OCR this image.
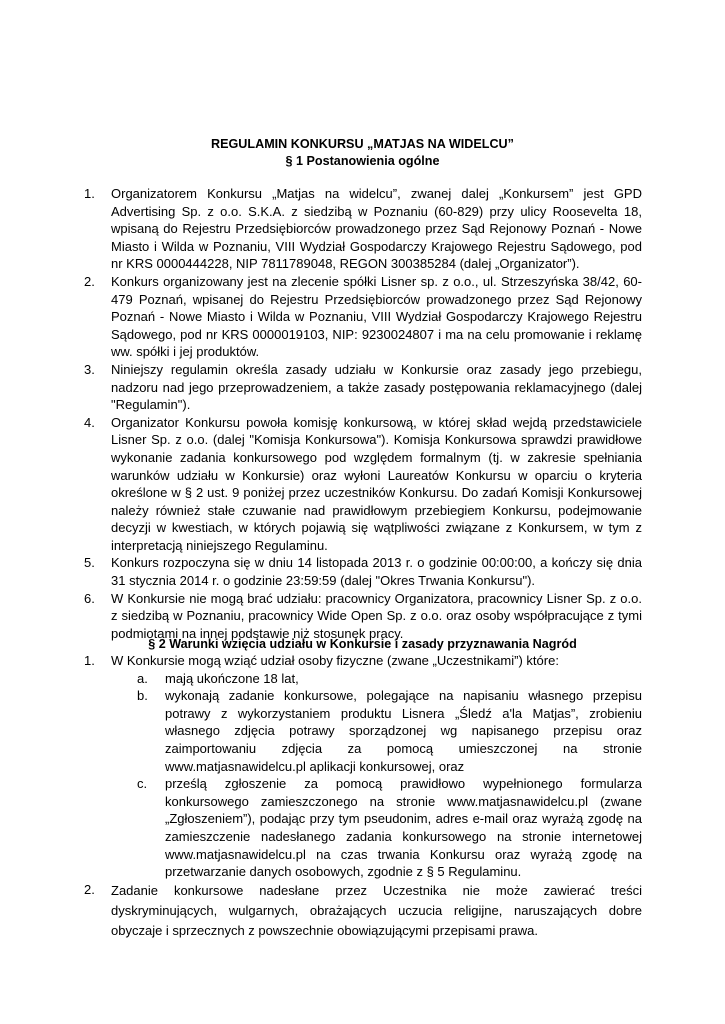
REGULAMIN KONKURSU „MATJAS NA WIDELCU”

§ 1 Postanowienia ogólne

1. Organizatorem Konkursu „Matjas na widelcu”, zwanej dalej „Konkursem” jest GPD Advertising Sp. z o.o. S.K.A. z siedzibą w Poznaniu (60-829) przy ulicy Roosevelta 18, wpisaną do Rejestru Przedsiębiorców prowadzonego przez Sąd Rejonowy Poznań - Nowe Miasto i Wilda w Poznaniu, VIII Wydział Gospodarczy Krajowego Rejestru Sądowego, pod nr KRS 0000444228, NIP 7811789048, REGON 300385284 (dalej „Organizator”).
2. Konkurs organizowany jest na zlecenie spółki Lisner sp. z o.o., ul. Strzeszyńska 38/42, 60-479 Poznań, wpisanej do Rejestru Przedsiębiorców prowadzonego przez Sąd Rejonowy Poznań - Nowe Miasto i Wilda w Poznaniu, VIII Wydział Gospodarczy Krajowego Rejestru Sądowego, pod nr KRS 0000019103, NIP: 9230024807 i ma na celu promowanie i reklamę ww. spółki i jej produktów.
3. Niniejszy regulamin określa zasady udziału w Konkursie oraz zasady jego przebiegu, nadzoru nad jego przeprowadzeniem, a także zasady postępowania reklamacyjnego (dalej "Regulamin").
4. Organizator Konkursu powoła komisję konkursową, w której skład wejdą przedstawiciele Lisner Sp. z o.o. (dalej "Komisja Konkursowa"). Komisja Konkursowa sprawdzi prawidłowe wykonanie zadania konkursowego pod względem formalnym (tj. w zakresie spełniania warunków udziału w Konkursie) oraz wyłoni Laureatów Konkursu w oparciu o kryteria określone w § 2 ust. 9 poniżej przez uczestników Konkursu. Do zadań Komisji Konkursowej należy również stałe czuwanie nad prawidłowym przebiegiem Konkursu, podejmowanie decyzji w kwestiach, w których pojawią się wątpliwości związane z Konkursem, w tym z interpretacją niniejszego Regulaminu.
5. Konkurs rozpoczyna się w dniu 14 listopada 2013 r. o godzinie 00:00:00, a kończy się dnia 31 stycznia 2014 r. o godzinie 23:59:59 (dalej "Okres Trwania Konkursu").
6. W Konkursie nie mogą brać udziału: pracownicy Organizatora, pracownicy Lisner Sp. z o.o. z siedzibą w Poznaniu, pracownicy Wide Open Sp. z o.o. oraz osoby współpracujące z tymi podmiotami na innej podstawie niż stosunek pracy.

§ 2 Warunki wzięcia udziału w Konkursie i zasady przyznawania Nagród

1. W Konkursie mogą wziąć udział osoby fizyczne (zwane „Uczestnikami”) które:
a. mają ukończone 18 lat,
b. wykonają zadanie konkursowe, polegające na napisaniu własnego przepisu potrawy z wykorzystaniem produktu Lisnera „Śledź a'la Matjas”, zrobieniu własnego zdjęcia potrawy sporządzonej wg napisanego przepisu oraz zaimportowaniu zdjęcia za pomocą umieszczonej na stronie www.matjasnawidelcu.pl aplikacji konkursowej, oraz
c. prześlą zgłoszenie za pomocą prawidłowo wypełnionego formularza konkursowego zamieszczonego na stronie www.matjasnawidelcu.pl (zwane „Zgłoszeniem”), podając przy tym pseudonim, adres e-mail oraz wyrażą zgodę na zamieszczenie nadesłanego zadania konkursowego na stronie internetowej www.matjasnawidelcu.pl na czas trwania Konkursu oraz wyrażą zgodę na przetwarzanie danych osobowych, zgodnie z § 5 Regulaminu.
2. Zadanie konkursowe nadesłane przez Uczestnika nie może zawierać treści dyskryminujących, wulgarnych, obrażających uczucia religijne, naruszających dobre obyczaje i sprzecznych z powszechnie obowiązującymi przepisami prawa.
